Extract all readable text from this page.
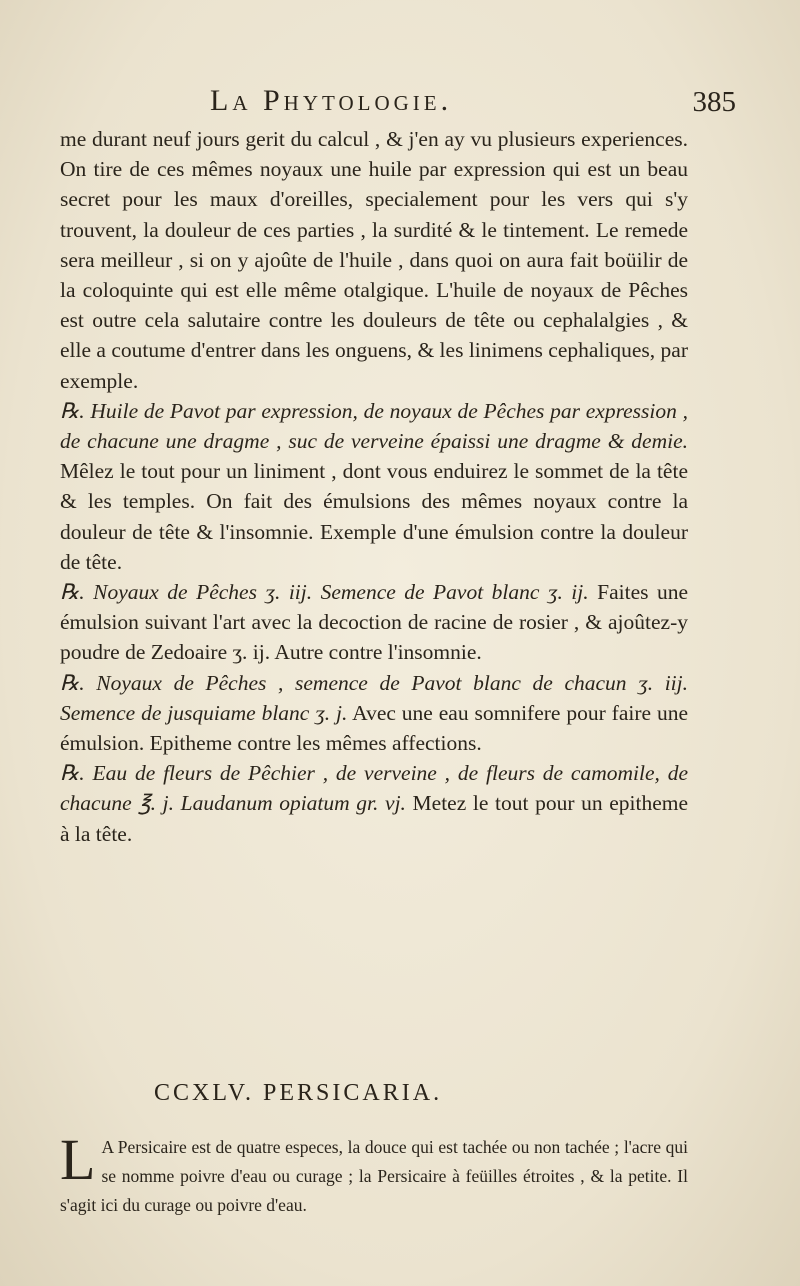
La Phytologie.	385

me durant neuf jours gerit du calcul , & j'en ay vu plusieurs experiences. On tire de ces mêmes noyaux une huile par expression qui est un beau secret pour les maux d'oreilles, specialement pour les vers qui s'y trouvent, la douleur de ces parties , la surdité & le tintement. Le remede sera meilleur , si on y ajoûte de l'huile , dans quoi on aura fait boüilir de la coloquinte qui est elle même otalgique. L'huile de noyaux de Pêches est outre cela salutaire contre les douleurs de tête ou cephalalgies , & elle a coutume d'entrer dans les onguens, & les linimens cephaliques, par exemple.

℞. Huile de Pavot par expression, de noyaux de Pêches par expression , de chacune une dragme , suc de verveine épaissi une dragme & demie. Mêlez le tout pour un liniment , dont vous enduirez le sommet de la tête & les temples. On fait des émulsions des mêmes noyaux contre la douleur de tête & l'insomnie. Exemple d'une émulsion contre la douleur de tête.

℞. Noyaux de Pêches ʒ. iij. Semence de Pavot blanc ʒ. ij. Faites une émulsion suivant l'art avec la decoction de racine de rosier , & ajoûtez-y poudre de Zedoaire ʒ. ij. Autre contre l'insomnie.

℞. Noyaux de Pêches , semence de Pavot blanc de chacun ʒ. iij. Semence de jusquiame blanc ʒ. j. Avec une eau somnifere pour faire une émulsion. Epitheme contre les mêmes affections.

℞. Eau de fleurs de Pêchier , de verveine , de fleurs de camomile, de chacune ℥. j. Laudanum opiatum gr. vj. Metez le tout pour un epitheme à la tête.

CCXLV. PERSICARIA.
L A Persicaire est de quatre especes, la douce qui est tachée ou non tachée ; l'acre qui se nomme poivre d'eau ou curage ; la Persicaire à feüilles étroites , & la petite. Il s'agit ici du curage ou poivre d'eau.
